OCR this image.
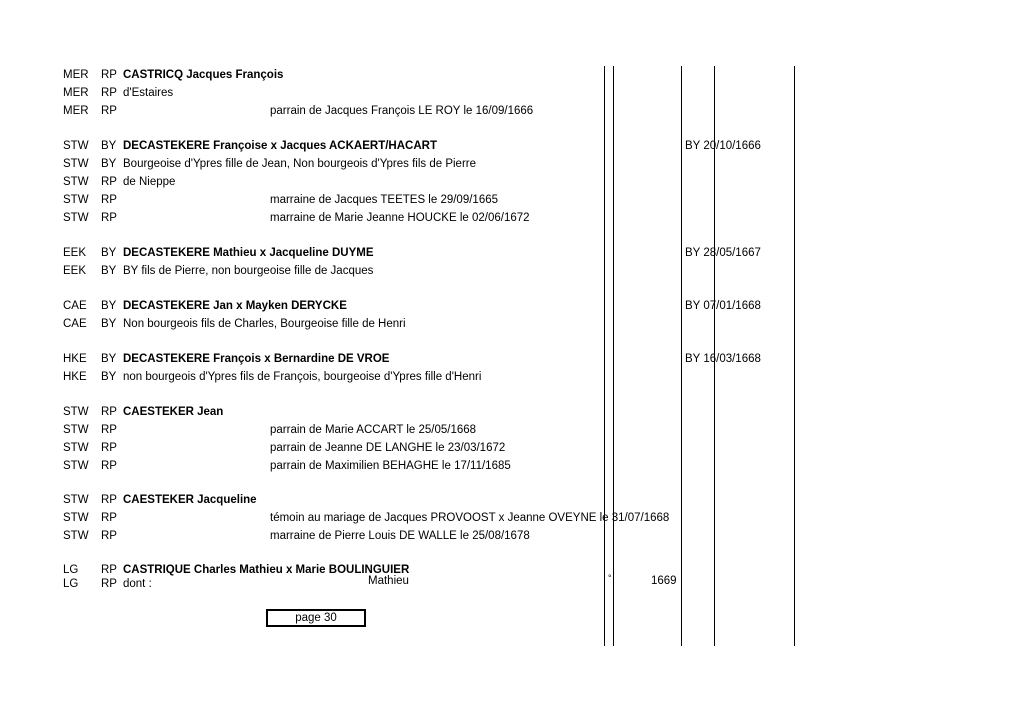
MER RP CASTRICQ Jacques François
MER RP d'Estaires
MER RP	parrain de Jacques François LE ROY le 16/09/1666
STW BY DECASTEKERE Françoise x Jacques ACKAERT/HACART	BY 20/10/1666
STW BY Bourgeoise d'Ypres fille de Jean, Non bourgeois d'Ypres fils de Pierre
STW RP de Nieppe
STW RP	marraine de Jacques TEETES le 29/09/1665
STW RP	marraine de Marie Jeanne HOUCKE le 02/06/1672
EEK BY DECASTEKERE Mathieu x Jacqueline DUYME	BY 28/05/1667
EEK BY BY fils de Pierre, non bourgeoise fille de Jacques
CAE BY DECASTEKERE Jan x Mayken DERYCKE	BY 07/01/1668
CAE BY Non bourgeois fils de Charles, Bourgeoise fille de Henri
HKE BY DECASTEKERE François x Bernardine DE VROE	BY 16/03/1668
HKE BY non bourgeois d'Ypres fils de François, bourgeoise d'Ypres fille d'Henri
STW RP CAESTEKER Jean
STW RP	parrain de Marie ACCART le 25/05/1668
STW RP	parrain de Jeanne DE LANGHE le 23/03/1672
STW RP	parrain de Maximilien BEHAGHE le 17/11/1685
STW RP CAESTEKER Jacqueline
STW RP	témoin au mariage de Jacques PROVOOST x Jeanne OVEYNE le 31/07/1668
STW RP	marraine de Pierre Louis DE WALLE le 25/08/1678
LG RP CASTRIQUE Charles Mathieu x Marie BOULINGUIER
LG RP dont :	Mathieu	°	1669
page 30
